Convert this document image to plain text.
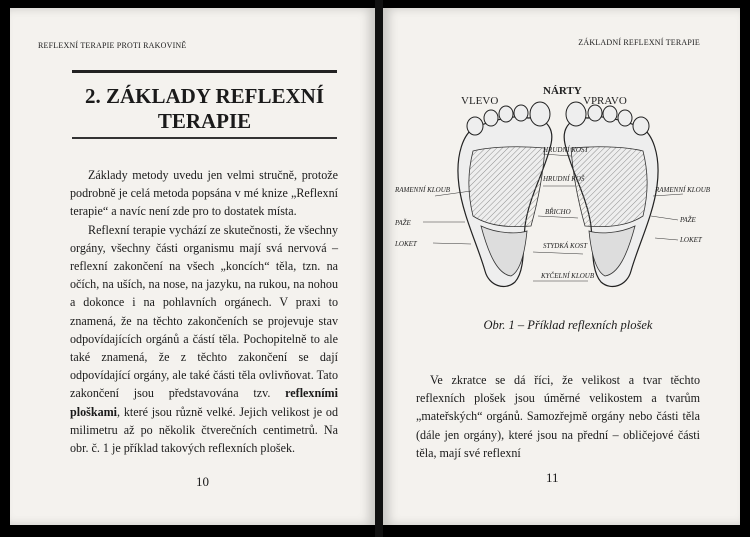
REFLEXNÍ TERAPIE PROTI RAKOVINĚ
2. ZÁKLADY REFLEXNÍ
TERAPIE

Základy metody uvedu jen velmi stručně, protože podrobně je celá metoda popsána v mé knize „Reflexní terapie“ a navíc není zde pro to dostatek místa.

Reflexní terapie vychází ze skutečnosti, že všechny orgány, všechny části organismu mají svá nervová – reflexní zakončení na všech „koncích“ těla, tzn. na očích, na uších, na nose, na jazyku, na rukou, na nohou a dokonce i na pohlavních orgánech. V praxi to znamená, že na těchto zakončeních se projevuje stav odpovídajících orgánů a částí těla. Pochopitelně to ale také znamená, že z těchto zakončení se dají odpovídající orgány, ale také části těla ovlivňovat. Tato zakončení jsou představována tzv. reflexními ploškami, které jsou různě velké. Jejich velikost je od milimetru až po několik čtverečních centimetrů. Na obr. č. 1 je příklad takových reflexních plošek.

10
ZÁKLADNÍ REFLEXNÍ TERAPIE
NÁRTY
VLEVO	VPRAVO
HRUDNÍ KOST
HRUDNÍ KOŠ
BŘICHO
STYDKÁ KOST
KYČELNÍ KLOUB
RAMENNÍ KLOUB
PAŽE
LOKET
RAMENNÍ KLOUB
PAŽE
LOKET
Obr. 1 – Příklad reflexních plošek

Ve zkratce se dá říci, že velikost a tvar těchto reflexních plošek jsou úměrné velikostem a tvarům „mateřských“ orgánů. Samozřejmě orgány nebo části těla (dále jen orgány), které jsou na přední – obličejové části těla, mají své reflexní

11
